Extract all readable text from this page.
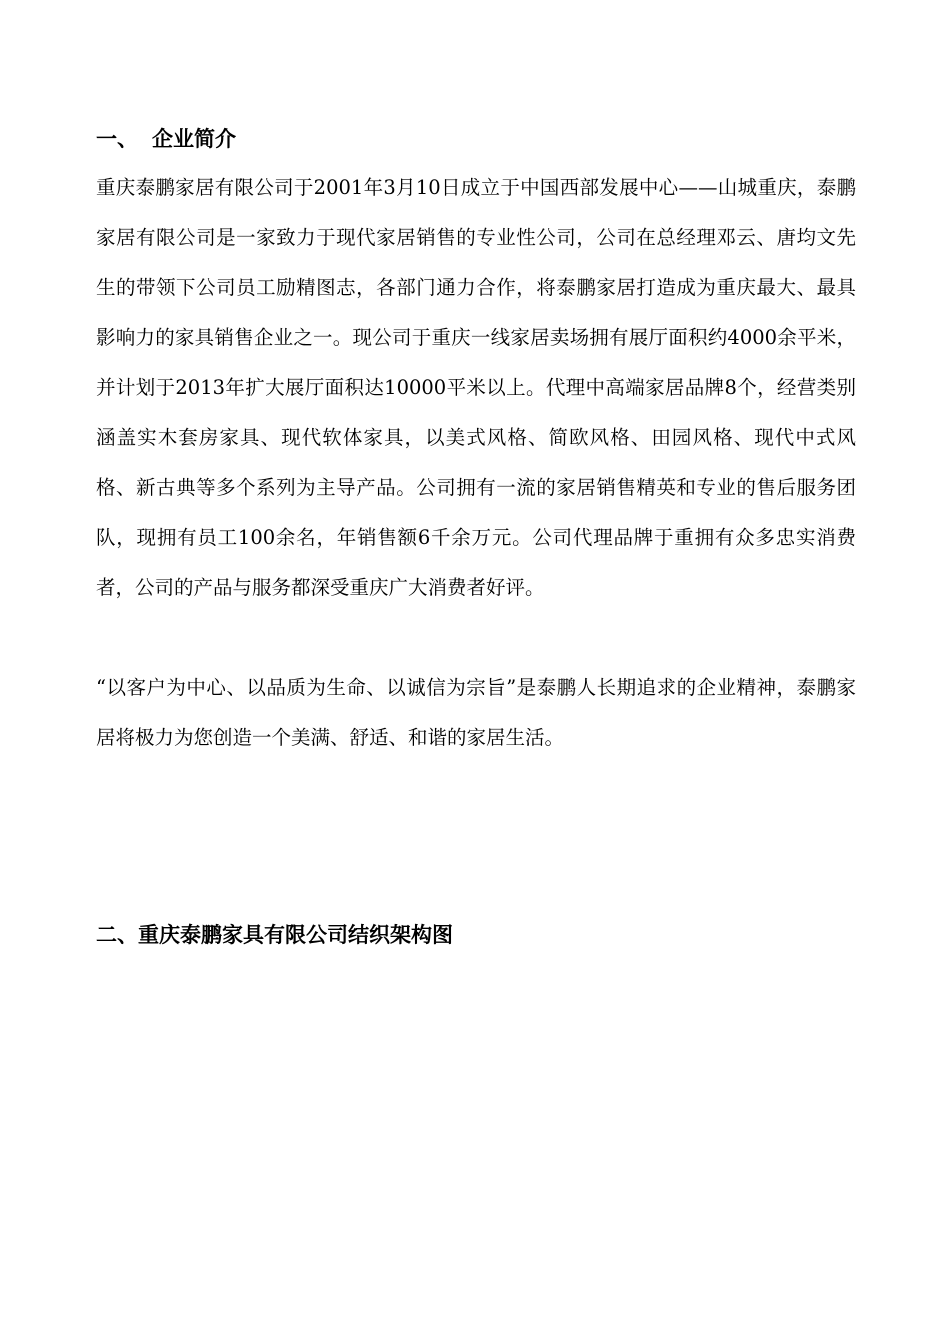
一、 企业简介

重庆泰鹏家居有限公司于2001年3月10日成立于中国西部发展中心——山城重庆，泰鹏家居有限公司是一家致力于现代家居销售的专业性公司，公司在总经理邓云、唐均文先生的带领下公司员工励精图志，各部门通力合作，将泰鹏家居打造成为重庆最大、最具影响力的家具销售企业之一。现公司于重庆一线家居卖场拥有展厅面积约4000余平米，并计划于2013年扩大展厅面积达10000平米以上。代理中高端家居品牌8个，经营类别涵盖实木套房家具、现代软体家具，以美式风格、简欧风格、田园风格、现代中式风格、新古典等多个系列为主导产品。公司拥有一流的家居销售精英和专业的售后服务团队，现拥有员工100余名，年销售额6千余万元。公司代理品牌于重拥有众多忠实消费者，公司的产品与服务都深受重庆广大消费者好评。

“以客户为中心、以品质为生命、以诚信为宗旨”是泰鹏人长期追求的企业精神，泰鹏家居将极力为您创造一个美满、舒适、和谐的家居生活。

二、重庆泰鹏家具有限公司结织架构图
